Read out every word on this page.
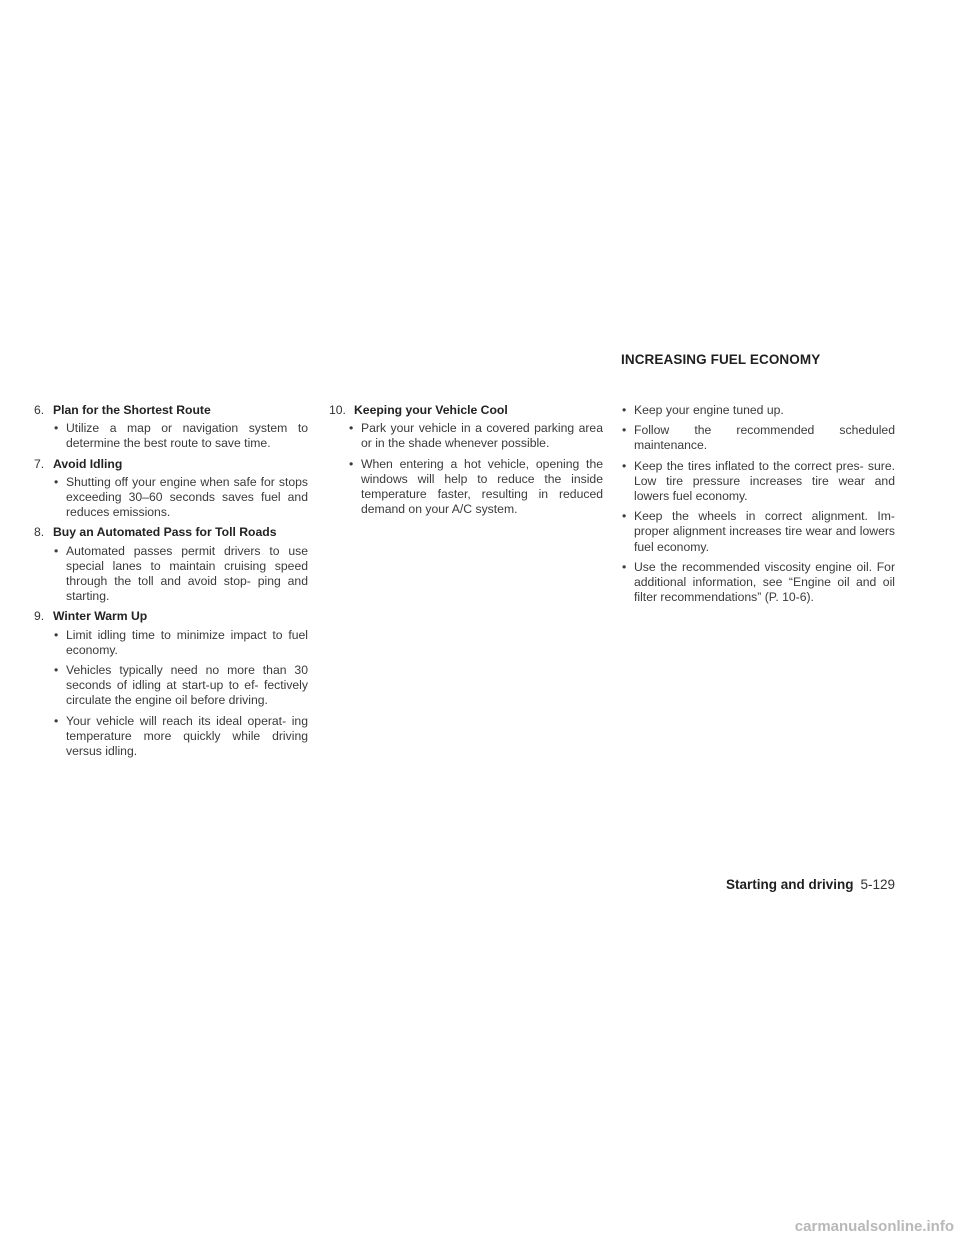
INCREASING FUEL ECONOMY
6. Plan for the Shortest Route
• Utilize a map or navigation system to determine the best route to save time.
7. Avoid Idling
• Shutting off your engine when safe for stops exceeding 30–60 seconds saves fuel and reduces emissions.
8. Buy an Automated Pass for Toll Roads
• Automated passes permit drivers to use special lanes to maintain cruising speed through the toll and avoid stop- ping and starting.
9. Winter Warm Up
• Limit idling time to minimize impact to fuel economy.
• Vehicles typically need no more than 30 seconds of idling at start-up to ef- fectively circulate the engine oil before driving.
• Your vehicle will reach its ideal operat- ing temperature more quickly while driving versus idling.
10. Keeping your Vehicle Cool
• Park your vehicle in a covered parking area or in the shade whenever possible.
• When entering a hot vehicle, opening the windows will help to reduce the inside temperature faster, resulting in reduced demand on your A/C system.
• Keep your engine tuned up.
• Follow the recommended scheduled maintenance.
• Keep the tires inflated to the correct pres- sure. Low tire pressure increases tire wear and lowers fuel economy.
• Keep the wheels in correct alignment. Im- proper alignment increases tire wear and lowers fuel economy.
• Use the recommended viscosity engine oil. For additional information, see “Engine oil and oil filter recommendations” (P. 10-6).
Starting and driving 5-129
carmanualsonline.info
